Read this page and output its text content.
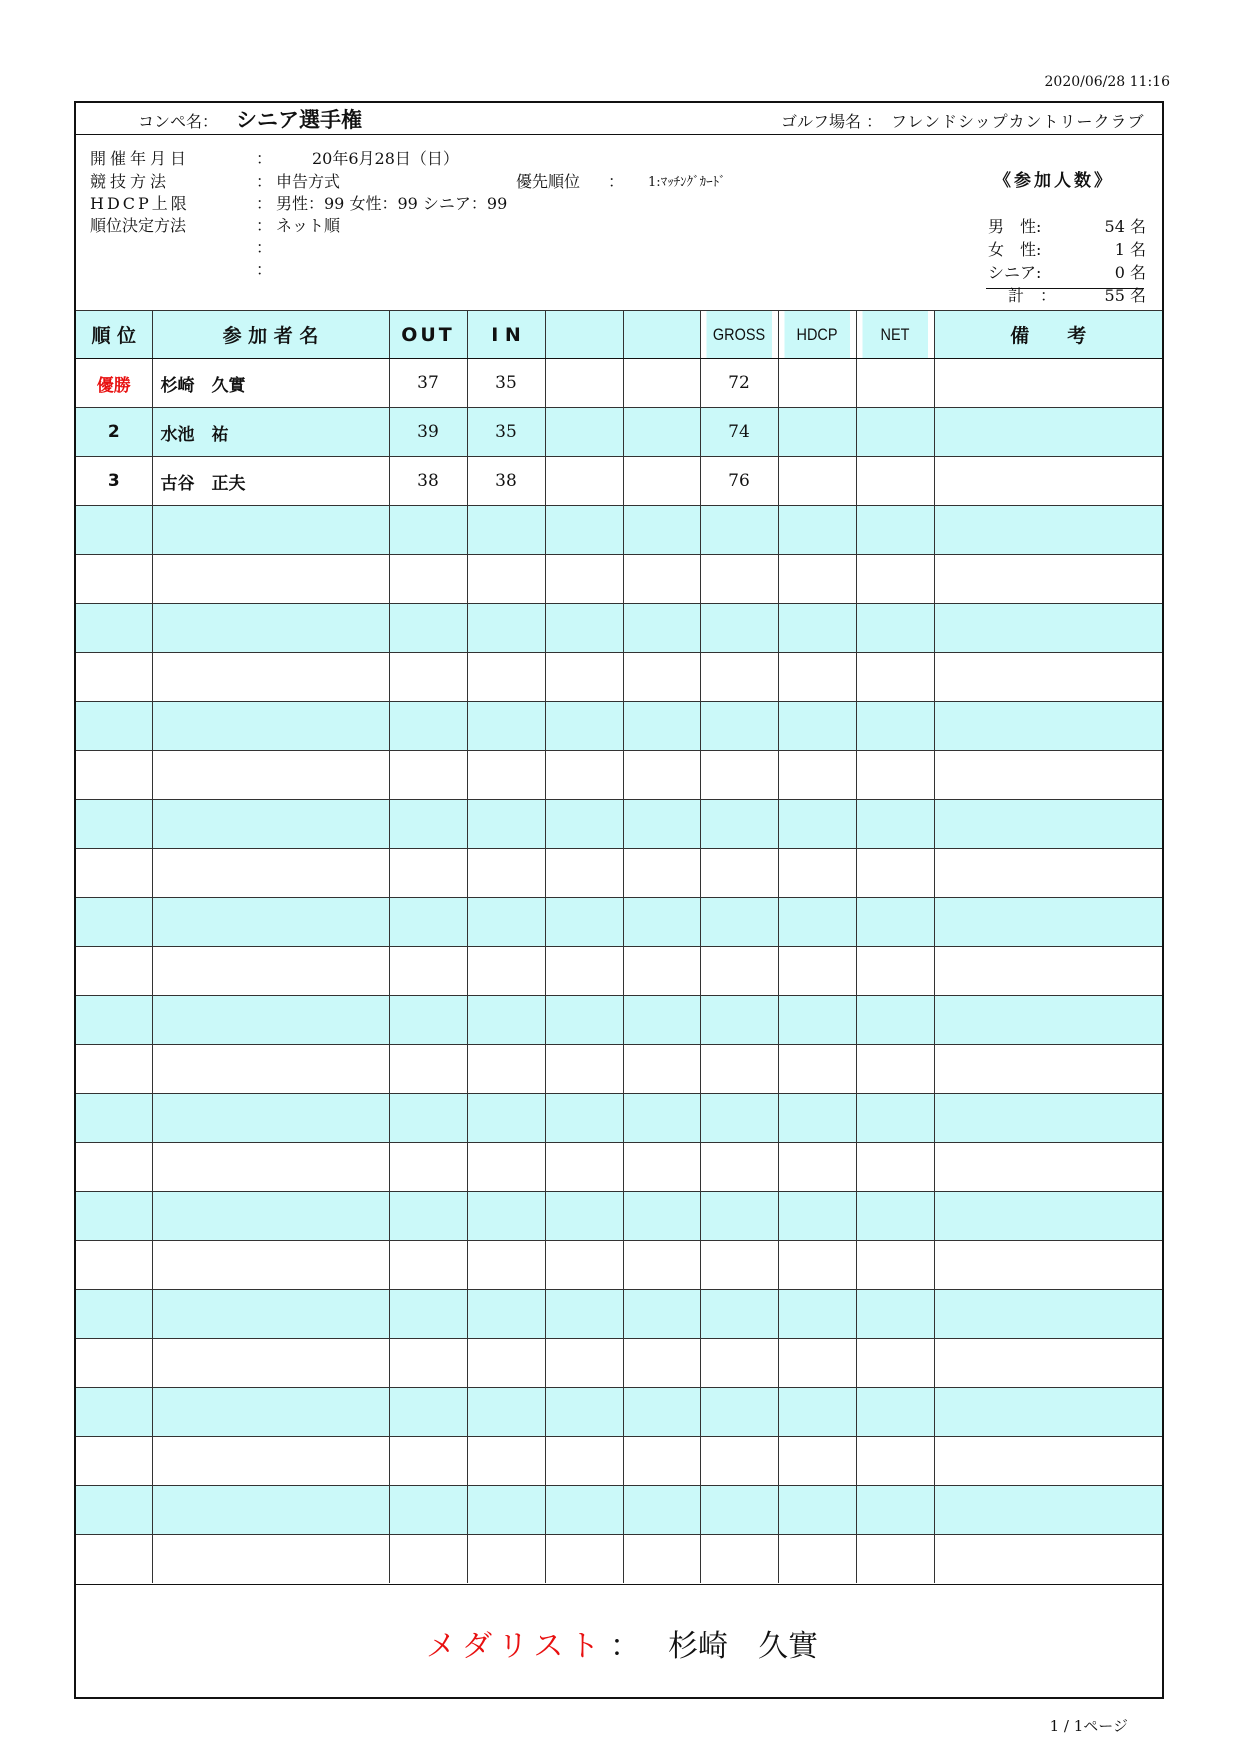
2020/06/28 11:16
コンペ名： シニア選手権	ゴルフ場名 ： フレンドシップカントリークラブ
開催年月日	： 20年6月28日（日）
競技方法	： 申告方式
HDCP上限	： 男性：99 女性：99 シニア：99
順位決定方法	： ネット順
：
：
優先順位 ： 1:ﾏｯﾁﾝｸﾞｶｰﾄﾞ	《参加人数》
男　性:	54 名
女　性:	1 名
シニア:	0 名
計　：	55 名
順 位	参 加 者 名	OUT	I N			GROSS	HDCP	NET	備　　考
優勝	杉崎　久實	37	35			72			
2	水池　祐	39	35			74			
3	古谷　正夫	38	38			76			

メダリスト ： 杉崎　久實
1 / 1ページ
